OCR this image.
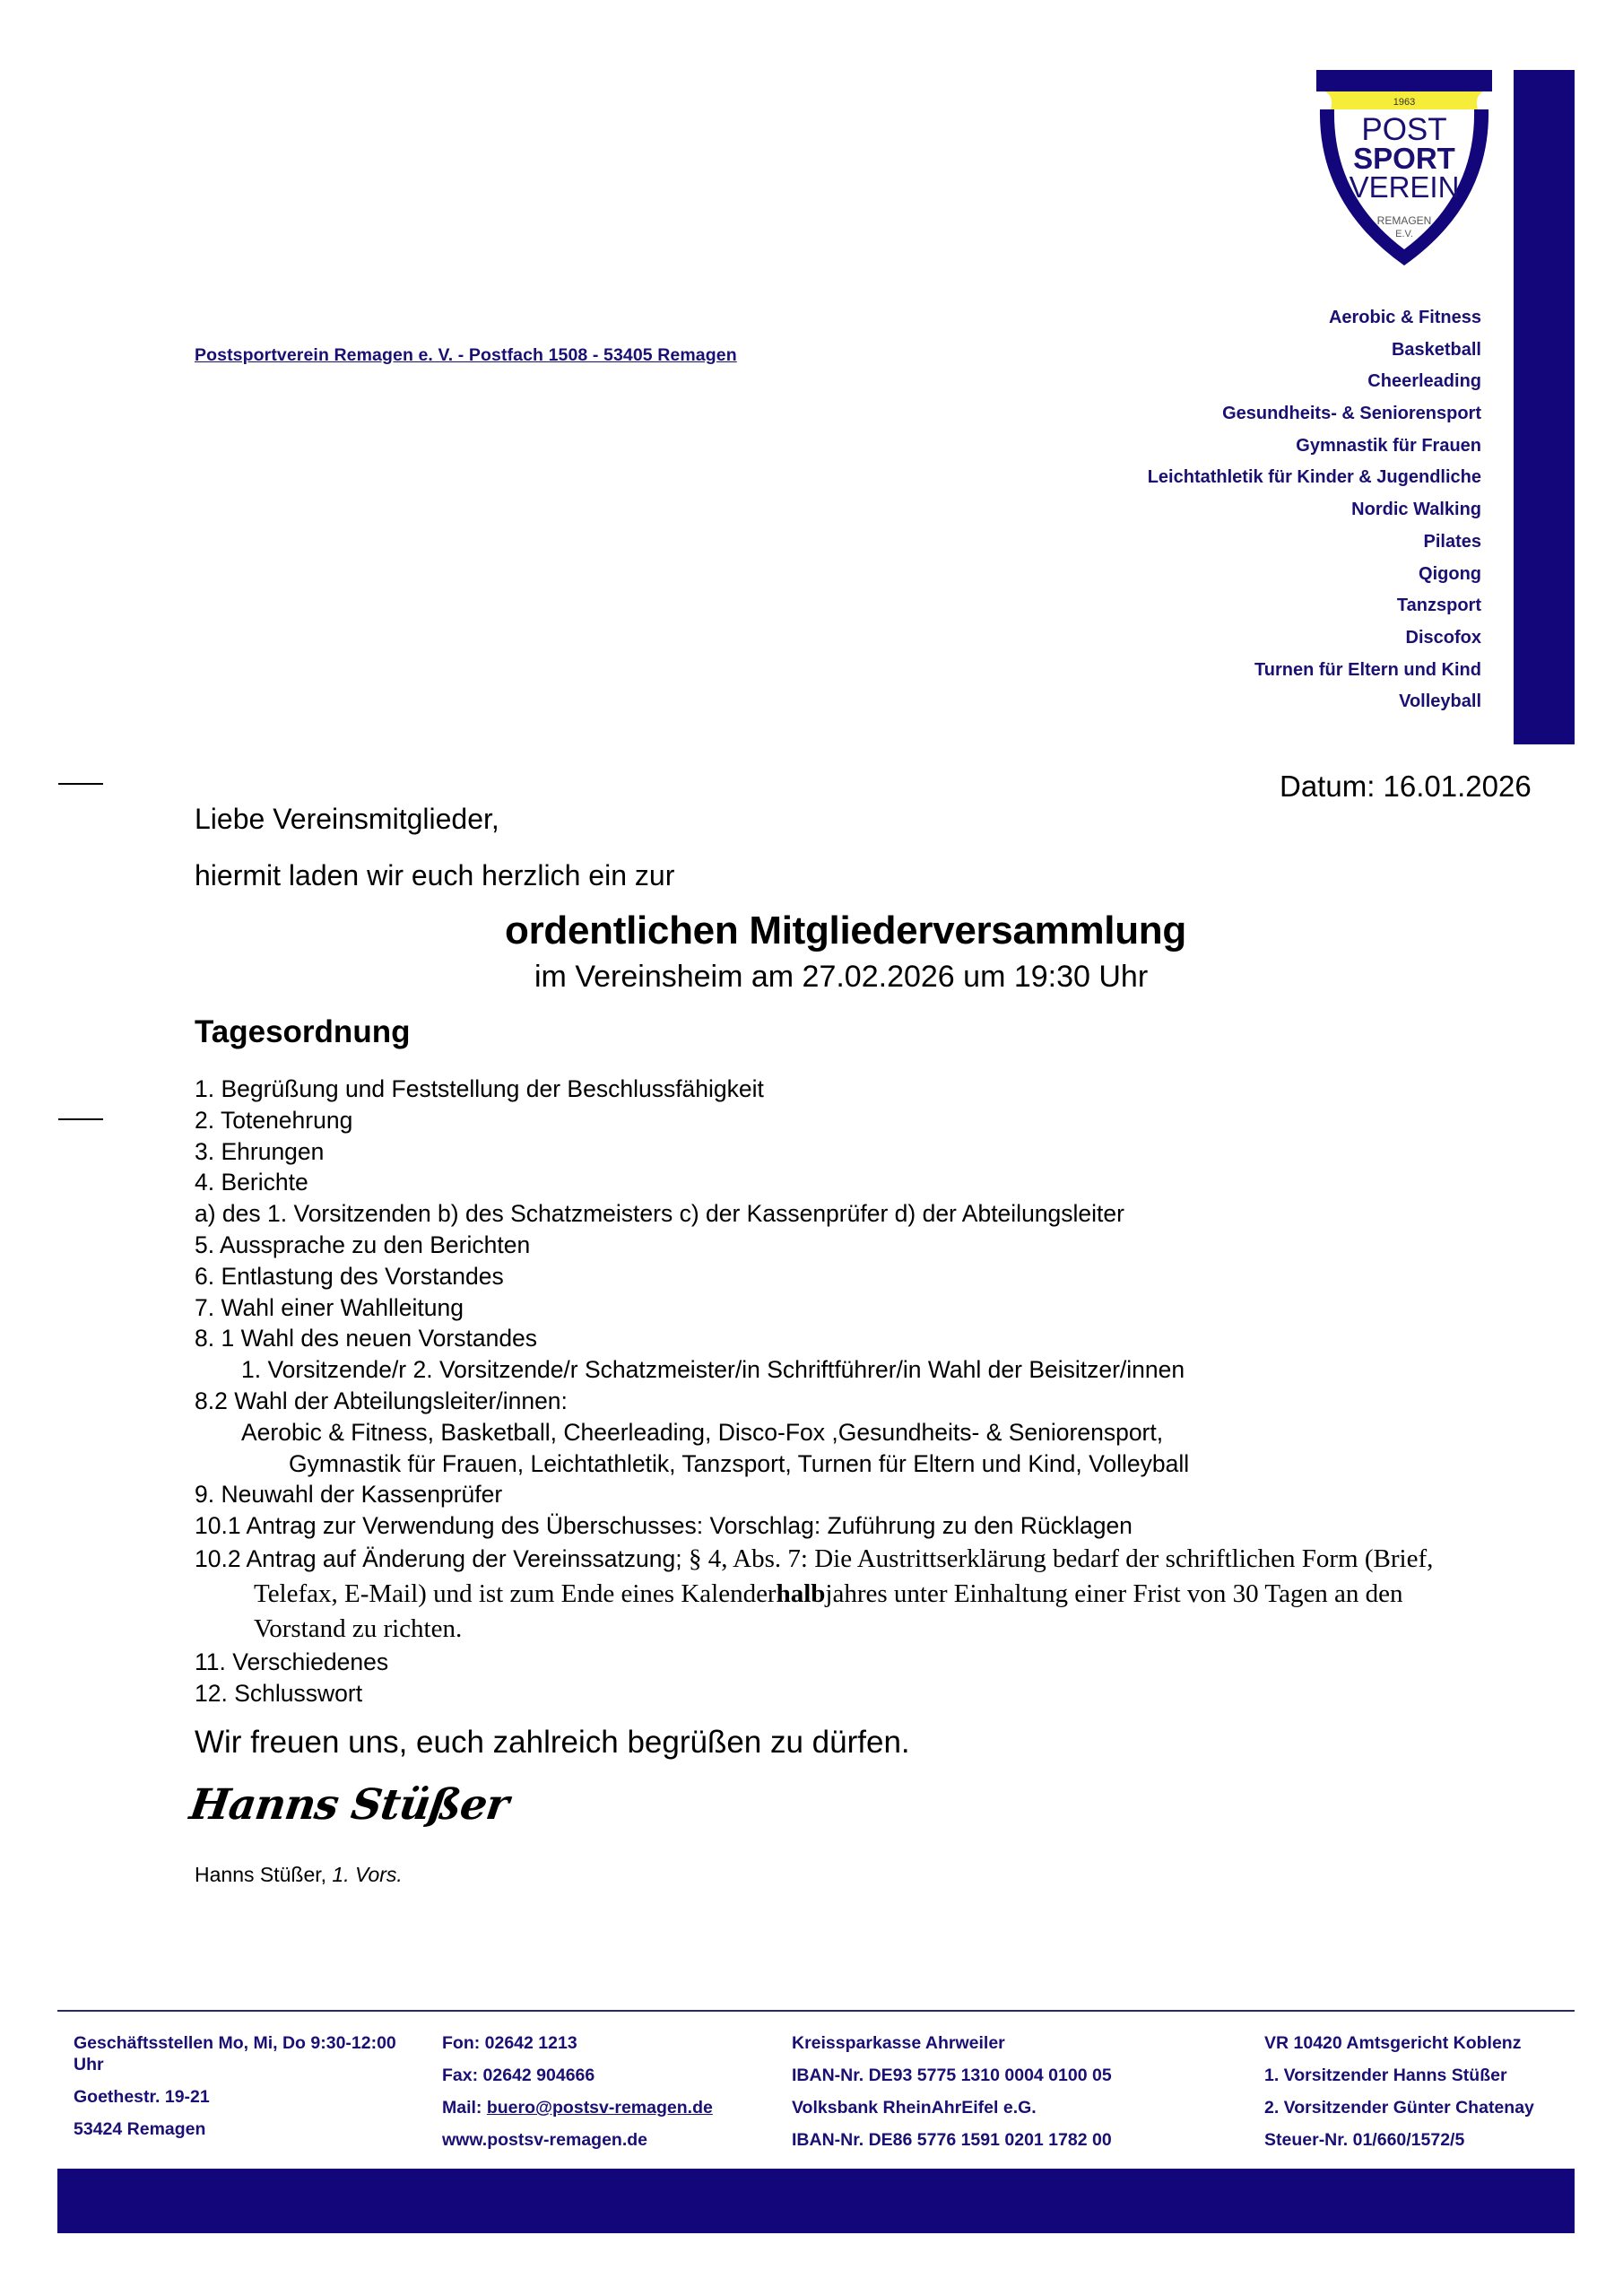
1963
POST
SPORT
VEREIN
REMAGEN
E.V.
Postsportverein Remagen e. V. - Postfach 1508 - 53405 Remagen
Aerobic & Fitness
Basketball
Cheerleading
Gesundheits- & Seniorensport
Gymnastik für Frauen
Leichtathletik für Kinder & Jugendliche
Nordic Walking
Pilates
Qigong
Tanzsport
Discofox
Turnen für Eltern und Kind
Volleyball
Datum: 16.01.2026
Liebe Vereinsmitglieder,
hiermit laden wir euch herzlich ein zur
ordentlichen Mitgliederversammlung
im Vereinsheim am 27.02.2026 um 19:30 Uhr
Tagesordnung
1. Begrüßung und Feststellung der Beschlussfähigkeit
2. Totenehrung
3. Ehrungen
4. Berichte
a) des 1. Vorsitzenden b) des Schatzmeisters c) der Kassenprüfer d) der Abteilungsleiter
5. Aussprache zu den Berichten
6. Entlastung des Vorstandes
7. Wahl einer Wahlleitung
8. 1 Wahl des neuen Vorstandes
1. Vorsitzende/r 2. Vorsitzende/r Schatzmeister/in Schriftführer/in Wahl der Beisitzer/innen
8.2 Wahl der Abteilungsleiter/innen:
Aerobic & Fitness, Basketball, Cheerleading, Disco-Fox ,Gesundheits- & Seniorensport,
Gymnastik für Frauen, Leichtathletik, Tanzsport, Turnen für Eltern und Kind, Volleyball
9. Neuwahl der Kassenprüfer
10.1 Antrag zur Verwendung des Überschusses: Vorschlag: Zuführung zu den Rücklagen
10.2 Antrag auf Änderung der Vereinssatzung; § 4, Abs. 7: Die Austrittserklärung bedarf der schriftlichen Form (Brief,
Telefax, E-Mail) und ist zum Ende eines Kalenderhalbjahres unter Einhaltung einer Frist von 30 Tagen an den
Vorstand zu richten.
11. Verschiedenes
12. Schlusswort
Wir freuen uns, euch zahlreich begrüßen zu dürfen.
Hanns Stüßer
Hanns Stüßer, 1. Vors.
Geschäftsstellen Mo, Mi, Do 9:30-12:00 Uhr
Goethestr. 19-21
53424 Remagen
Fon: 02642 1213
Fax: 02642 904666
Mail: buero@postsv-remagen.de
www.postsv-remagen.de
Kreissparkasse Ahrweiler
IBAN-Nr. DE93 5775 1310 0004 0100 05
Volksbank RheinAhrEifel e.G.
IBAN-Nr. DE86 5776 1591 0201 1782 00
VR 10420 Amtsgericht Koblenz
1. Vorsitzender Hanns Stüßer
2. Vorsitzender Günter Chatenay
Steuer-Nr. 01/660/1572/5
